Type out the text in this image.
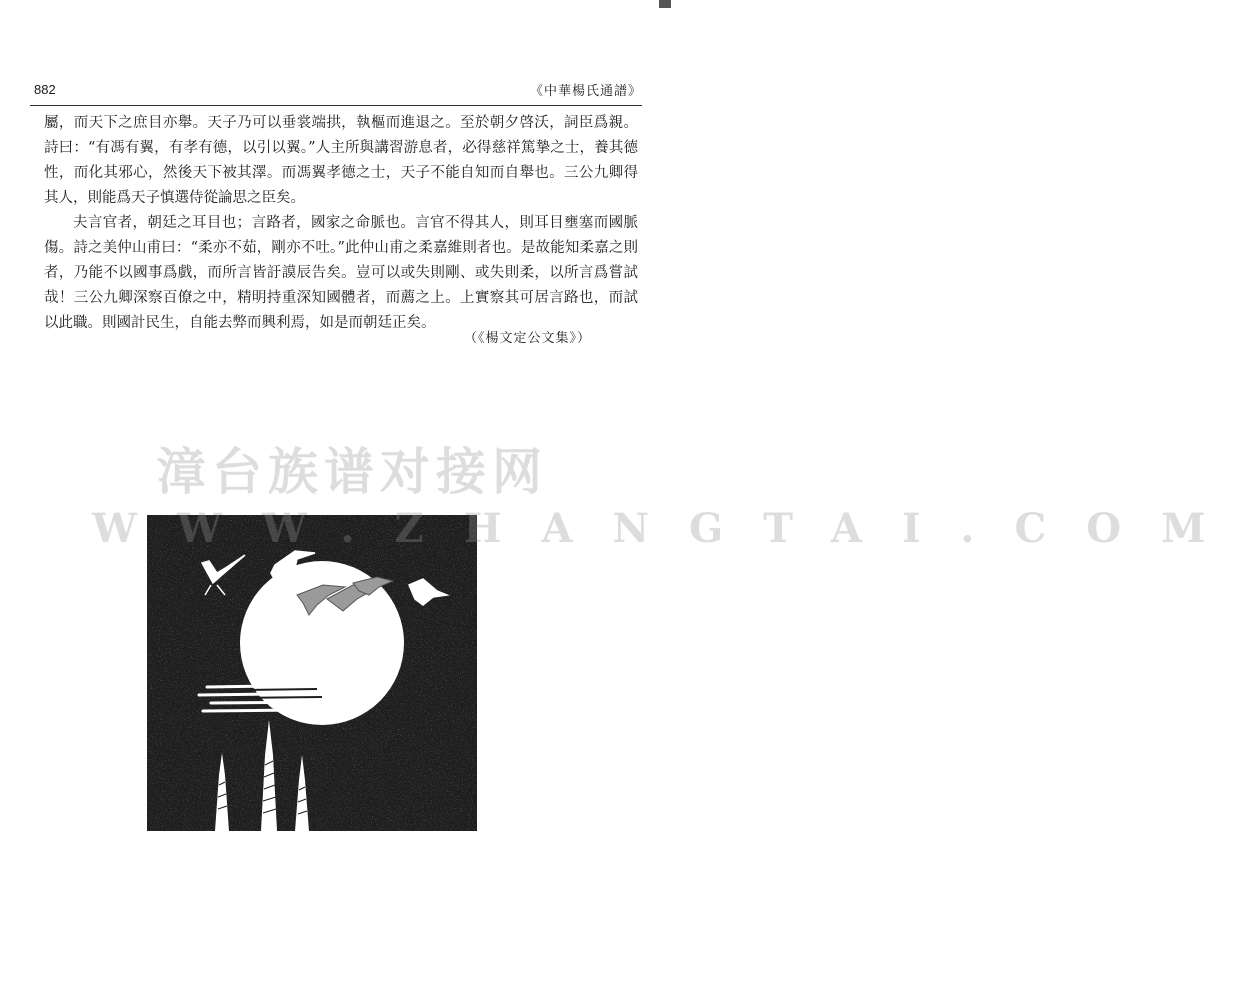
882	《中華楊氏通譜》

屬，而天下之庶目亦舉。天子乃可以垂裳端拱，執樞而進退之。至於朝夕啓沃，詞臣爲親。詩曰：“有馮有翼，有孝有德，以引以翼。”人主所與講習游息者，必得慈祥篤摯之士，養其德性，而化其邪心，然後天下被其澤。而馮翼孝德之士，天子不能自知而自舉也。三公九卿得其人，則能爲天子慎選侍從論思之臣矣。

夫言官者，朝廷之耳目也；言路者，國家之命脈也。言官不得其人，則耳目壅塞而國脈傷。詩之美仲山甫曰：“柔亦不茹，剛亦不吐。”此仲山甫之柔嘉維則者也。是故能知柔嘉之則者，乃能不以國事爲戲，而所言皆訏謨辰告矣。豈可以或失則剛、或失則柔，以所言爲嘗試哉！三公九卿深察百僚之中，精明持重深知國體者，而薦之上。上實察其可居言路也，而試以此職。則國計民生，自能去弊而興利焉，如是而朝廷正矣。

（《楊文定公文集》）
漳台族谱对接网
WWW.ZHANGTAI.COM
